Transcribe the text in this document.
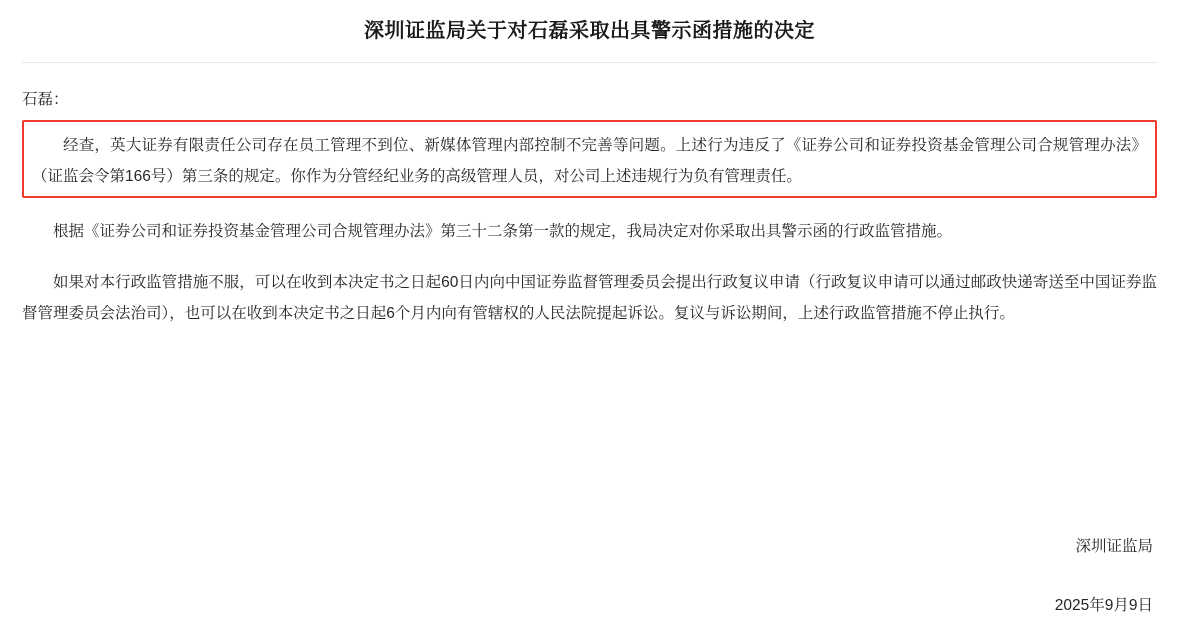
深圳证监局关于对石磊采取出具警示函措施的决定
石磊：

经查，英大证券有限责任公司存在员工管理不到位、新媒体管理内部控制不完善等问题。上述行为违反了《证券公司和证券投资基金管理公司合规管理办法》（证监会令第166号）第三条的规定。你作为分管经纪业务的高级管理人员，对公司上述违规行为负有管理责任。

根据《证券公司和证券投资基金管理公司合规管理办法》第三十二条第一款的规定，我局决定对你采取出具警示函的行政监管措施。

如果对本行政监管措施不服，可以在收到本决定书之日起60日内向中国证券监督管理委员会提出行政复议申请（行政复议申请可以通过邮政快递寄送至中国证券监督管理委员会法治司），也可以在收到本决定书之日起6个月内向有管辖权的人民法院提起诉讼。复议与诉讼期间，上述行政监管措施不停止执行。

深圳证监局
2025年9月9日
